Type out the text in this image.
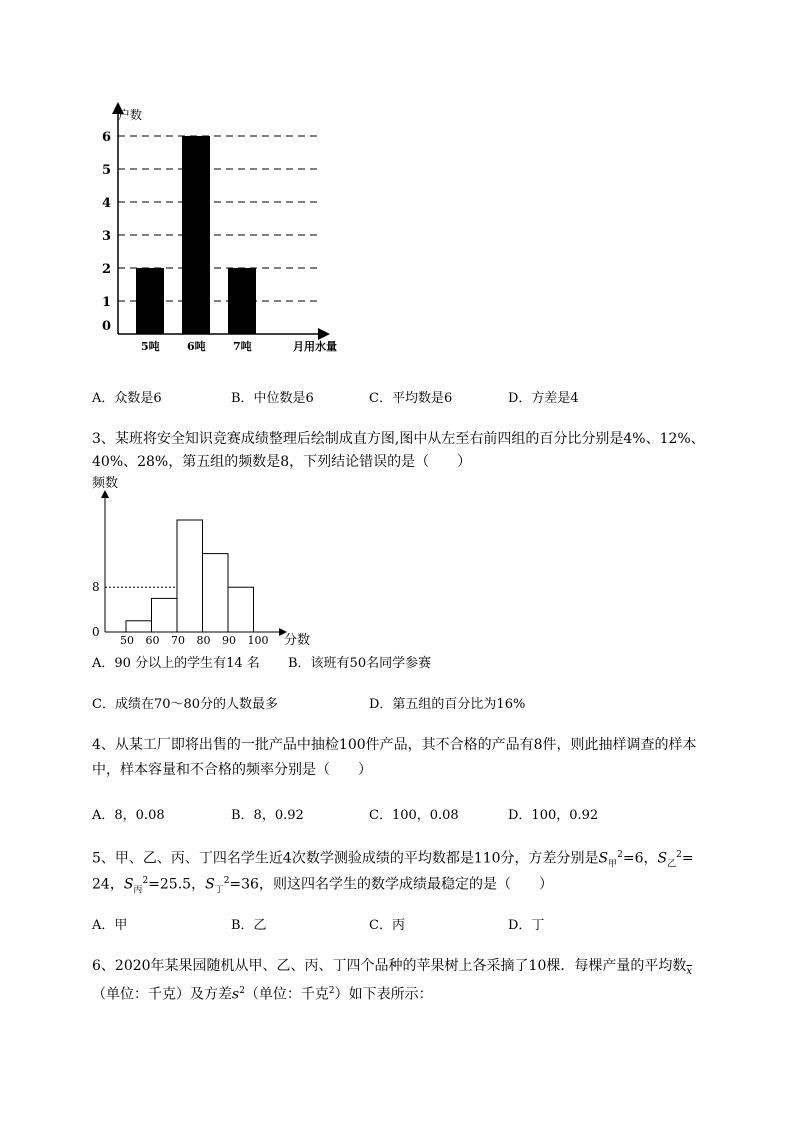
0
1
2
3
4
5
6
5吨 6吨 7吨
户数
月用水量
A．众数是6	B．中位数是6	C．平均数是6	D．方差是4
3、某班将安全知识竞赛成绩整理后绘制成直方图,图中从左至右前四组的百分比分别是4%、12%、
40%、28%，第五组的频数是8，下列结论错误的是（　　）
频数
0
8
50 60 70 80 90 100 分数
A．90 分以上的学生有14 名 B．该班有50名同学参赛
C．成绩在70～80分的人数最多	D．第五组的百分比为16%
4、从某工厂即将出售的一批产品中抽检100件产品，其不合格的产品有8件，则此抽样调查的样本
中，样本容量和不合格的频率分别是（　　）
A．8，0.08	B．8，0.92	C．100，0.08	D．100，0.92
5、甲、乙、丙、丁四名学生近4次数学测验成绩的平均数都是110分，方差分别是$S_甲^2=6$，$S_乙^2=$
24，$S_丙^2=25.5$，$S_丁^2=36$，则这四名学生的数学成绩最稳定的是（　　）
A．甲	B．乙	C．丙	D．丁
6、2020年某果园随机从甲、乙、丙、丁四个品种的苹果树上各采摘了10棵．每棵产量的平均数$_{\overline{x}}$
（单位：千克）及方差$s^2$（单位：千克$^2$）如下表所示：
